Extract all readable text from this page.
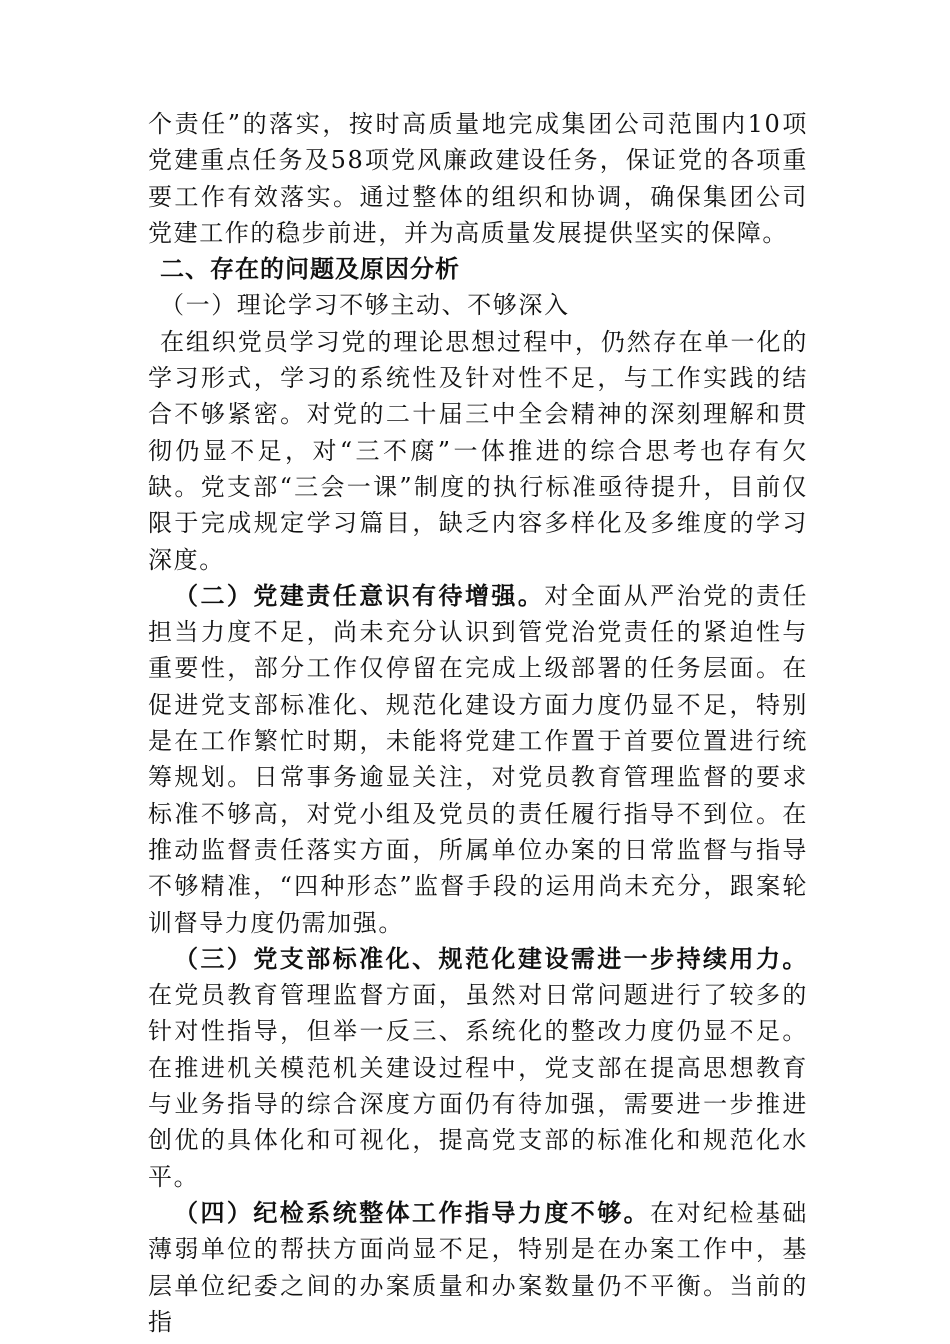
个责任”的落实，按时高质量地完成集团公司范围内10项党建重点任务及58项党风廉政建设任务，保证党的各项重要工作有效落实。通过整体的组织和协调，确保集团公司党建工作的稳步前进，并为高质量发展提供坚实的保障。

二、存在的问题及原因分析

（一）理论学习不够主动、不够深入

在组织党员学习党的理论思想过程中，仍然存在单一化的学习形式，学习的系统性及针对性不足，与工作实践的结合不够紧密。对党的二十届三中全会精神的深刻理解和贯彻仍显不足，对“三不腐”一体推进的综合思考也存有欠缺。党支部“三会一课”制度的执行标准亟待提升，目前仅限于完成规定学习篇目，缺乏内容多样化及多维度的学习深度。

（二）党建责任意识有待增强。对全面从严治党的责任担当力度不足，尚未充分认识到管党治党责任的紧迫性与重要性，部分工作仅停留在完成上级部署的任务层面。在促进党支部标准化、规范化建设方面力度仍显不足，特别是在工作繁忙时期，未能将党建工作置于首要位置进行统筹规划。日常事务逾显关注，对党员教育管理监督的要求标准不够高，对党小组及党员的责任履行指导不到位。在推动监督责任落实方面，所属单位办案的日常监督与指导不够精准，“四种形态”监督手段的运用尚未充分，跟案轮训督导力度仍需加强。

（三）党支部标准化、规范化建设需进一步持续用力。在党员教育管理监督方面，虽然对日常问题进行了较多的针对性指导，但举一反三、系统化的整改力度仍显不足。在推进机关模范机关建设过程中，党支部在提高思想教育与业务指导的综合深度方面仍有待加强，需要进一步推进创优的具体化和可视化，提高党支部的标准化和规范化水平。

（四）纪检系统整体工作指导力度不够。在对纪检基础薄弱单位的帮扶方面尚显不足，特别是在办案工作中，基层单位纪委之间的办案质量和办案数量仍不平衡。当前的指
